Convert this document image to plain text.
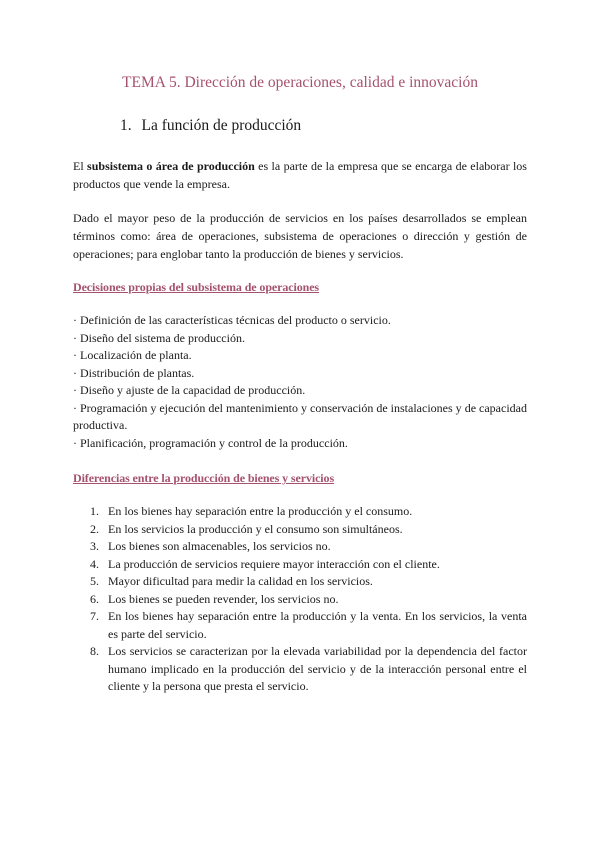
TEMA 5. Dirección de operaciones, calidad e innovación
1. La función de producción

El subsistema o área de producción es la parte de la empresa que se encarga de elaborar los productos que vende la empresa.

Dado el mayor peso de la producción de servicios en los países desarrollados se emplean términos como: área de operaciones, subsistema de operaciones o dirección y gestión de operaciones; para englobar tanto la producción de bienes y servicios.

Decisiones propias del subsistema de operaciones

· Definición de las características técnicas del producto o servicio.
· Diseño del sistema de producción.
· Localización de planta.
· Distribución de plantas.
· Diseño y ajuste de la capacidad de producción.
· Programación y ejecución del mantenimiento y conservación de instalaciones y de capacidad productiva.
· Planificación, programación y control de la producción.

Diferencias entre la producción de bienes y servicios

1. En los bienes hay separación entre la producción y el consumo.
2. En los servicios la producción y el consumo son simultáneos.
3. Los bienes son almacenables, los servicios no.
4. La producción de servicios requiere mayor interacción con el cliente.
5. Mayor dificultad para medir la calidad en los servicios.
6. Los bienes se pueden revender, los servicios no.
7. En los bienes hay separación entre la producción y la venta. En los servicios, la venta es parte del servicio.
8. Los servicios se caracterizan por la elevada variabilidad por la dependencia del factor humano implicado en la producción del servicio y de la interacción personal entre el cliente y la persona que presta el servicio.
